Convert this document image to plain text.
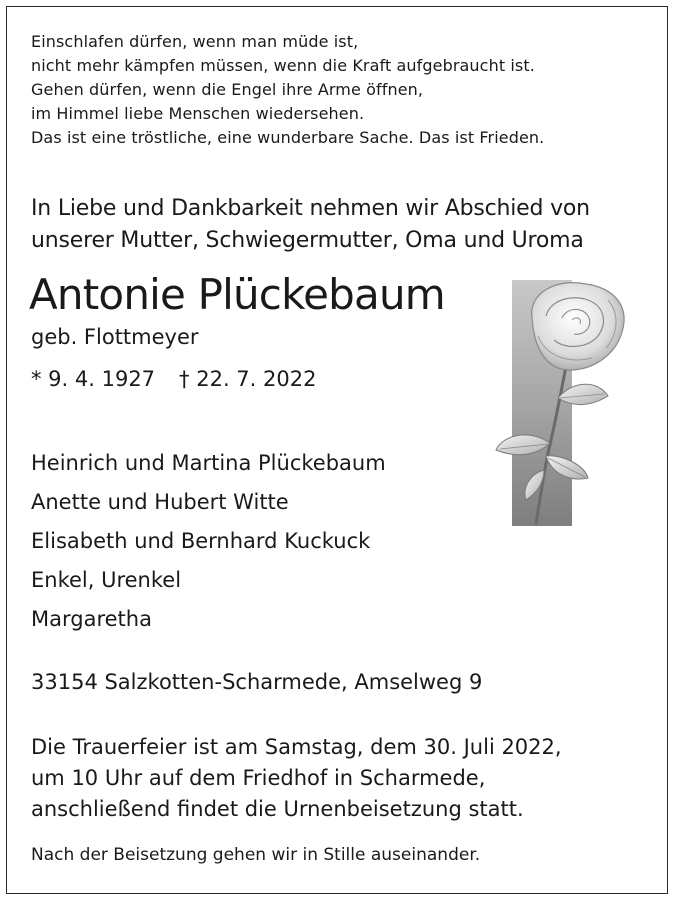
Einschlafen dürfen, wenn man müde ist,
nicht mehr kämpfen müssen, wenn die Kraft aufgebraucht ist.
Gehen dürfen, wenn die Engel ihre Arme öffnen,
im Himmel liebe Menschen wiedersehen.
Das ist eine tröstliche, eine wunderbare Sache. Das ist Frieden.
In Liebe und Dankbarkeit nehmen wir Abschied von
unserer Mutter, Schwiegermutter, Oma und Uroma
Antonie Plückebaum
geb. Flottmeyer
* 9. 4. 1927 † 22. 7. 2022
Heinrich und Martina Plückebaum
Anette und Hubert Witte
Elisabeth und Bernhard Kuckuck
Enkel, Urenkel
Margaretha
33154 Salzkotten-Scharmede, Amselweg 9
Die Trauerfeier ist am Samstag, dem 30. Juli 2022,
um 10 Uhr auf dem Friedhof in Scharmede,
anschließend findet die Urnenbeisetzung statt.
Nach der Beisetzung gehen wir in Stille auseinander.
